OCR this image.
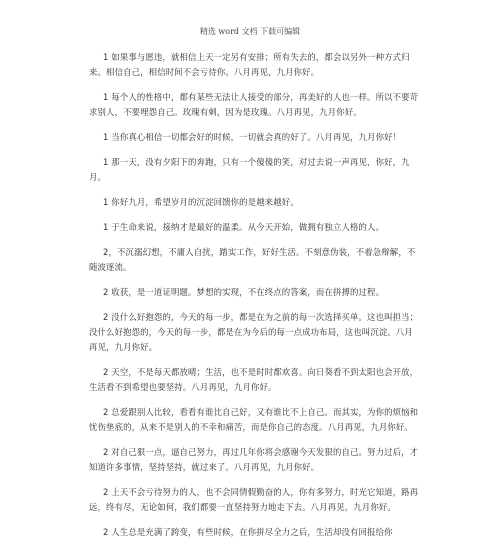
精选 word 文档 下载可编辑

1 如果事与愿违，就相信上天一定另有安排；所有失去的，都会以另外一种方式归来。相信自己，相信时间不会亏待你。八月再见，九月你好。

1 每个人的性格中，都有某些无法让人接受的部分，再美好的人也一样。所以不要苛求别人，不要埋怨自己。玫瑰有刺，因为是玫瑰。八月再见，九月你好。

1 当你真心相信一切都会好的时候，一切就会真的好了。八月再见，九月你好！

1 那一天，没有夕阳下的奔跑，只有一个傻傻的笑，对过去说一声再见，你好，九月。

1 你好九月，希望岁月的沉淀回馈你的是越来越好。

1 于生命来说，接纳才是最好的温柔。从今天开始，做拥有独立人格的人。

2，不沉溺幻想，不庸人自扰，踏实工作，好好生活。不刻意伪装，不着急辩解，不随波逐流。

2 收获，是一道证明题。梦想的实现，不在终点的答案，而在拼搏的过程。

2 没什么好抱怨的，今天的每一步，都是在为之前的每一次选择买单。这也叫担当；没什么好抱怨的，今天的每一步，都是在为今后的每一点成功布局，这也叫沉淀。八月再见，九月你好。

2 天空，不是每天都放晴；生活，也不是时时都欢喜。向日葵看不到太阳也会开放，生活看不到希望也要坚持。八月再见，九月你好。

2 总爱跟别人比较，看看有谁比自己好，又有谁比不上自己。而其实，为你的烦恼和忧伤垫底的，从来不是别人的不幸和痛苦，而是你自己的态度。八月再见，九月你好。

2 对自己狠一点，逼自己努力，再过几年你将会感谢今天发狠的自己。努力过后，才知道许多事情，坚持坚持，就过来了。八月再见，九月你好。

2 上天不会亏待努力的人，也不会同情假勤奋的人，你有多努力，时光它知道，路再远，终有尽，无论如何，我们都要一直坚持努力地走下去。八月再见，九月你好。

2 人生总是充满了跨变，有些时候，在你拼尽全力之后，生活却没有回报给你
